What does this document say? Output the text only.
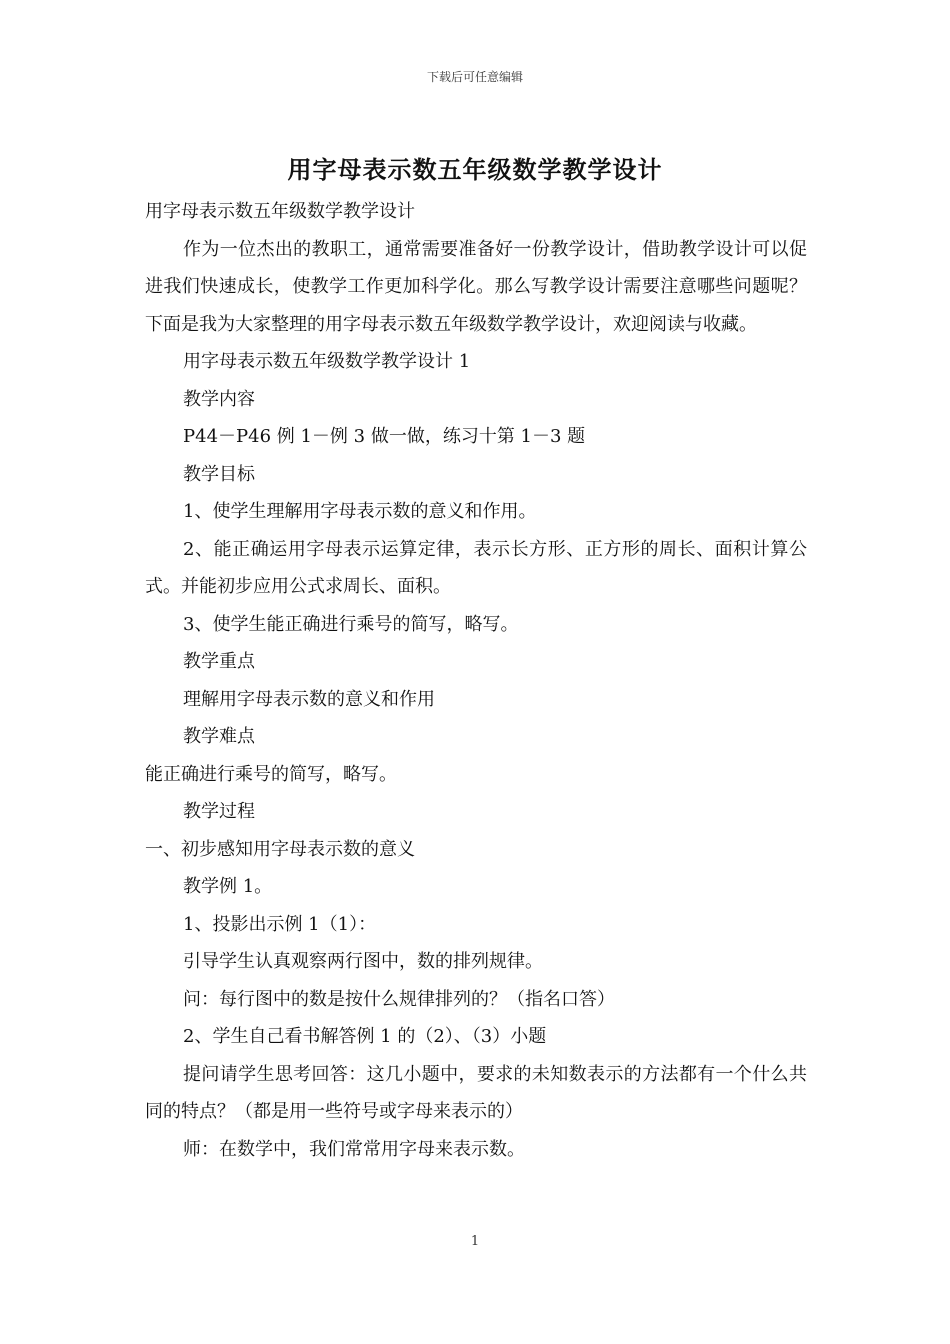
下载后可任意编辑
用字母表示数五年级数学教学设计

用字母表示数五年级数学教学设计

作为一位杰出的教职工，通常需要准备好一份教学设计，借助教学设计可以促进我们快速成长，使教学工作更加科学化。那么写教学设计需要注意哪些问题呢？下面是我为大家整理的用字母表示数五年级数学教学设计，欢迎阅读与收藏。

用字母表示数五年级数学教学设计 1

教学内容

P44－P46 例 1－例 3 做一做，练习十第 1－3 题

教学目标

1、使学生理解用字母表示数的意义和作用。

2、能正确运用字母表示运算定律，表示长方形、正方形的周长、面积计算公式。并能初步应用公式求周长、面积。

3、使学生能正确进行乘号的简写，略写。

教学重点

理解用字母表示数的意义和作用

教学难点

能正确进行乘号的简写，略写。

教学过程

一、初步感知用字母表示数的意义

教学例 1。

1、投影出示例 1（1）：

引导学生认真观察两行图中，数的排列规律。

问：每行图中的数是按什么规律排列的？（指名口答）

2、学生自己看书解答例 1 的（2）、（3）小题

提问请学生思考回答：这几小题中，要求的未知数表示的方法都有一个什么共同的特点？（都是用一些符号或字母来表示的）

师：在数学中，我们常常用字母来表示数。

1
